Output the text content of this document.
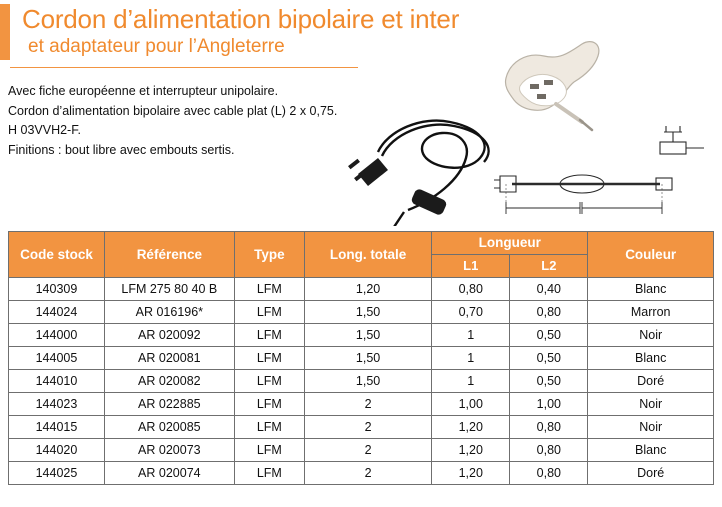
Cordon d’alimentation bipolaire et inter
et adaptateur pour l’Angleterre
Avec fiche européenne et interrupteur unipolaire.
Cordon d’alimentation bipolaire avec cable plat (L) 2 x 0,75.
H 03VVH2-F.
Finitions : bout libre avec embouts sertis.
Code stock	Référence	Type	Long. totale	Longueur		Couleur
				L1	L2	
140309	LFM 275 80 40 B	LFM	1,20	0,80	0,40	Blanc
144024	AR 016196*	LFM	1,50	0,70	0,80	Marron
144000	AR 020092	LFM	1,50	1	0,50	Noir
144005	AR 020081	LFM	1,50	1	0,50	Blanc
144010	AR 020082	LFM	1,50	1	0,50	Doré
144023	AR 022885	LFM	2	1,00	1,00	Noir
144015	AR 020085	LFM	2	1,20	0,80	Noir
144020	AR 020073	LFM	2	1,20	0,80	Blanc
144025	AR 020074	LFM	2	1,20	0,80	Doré
